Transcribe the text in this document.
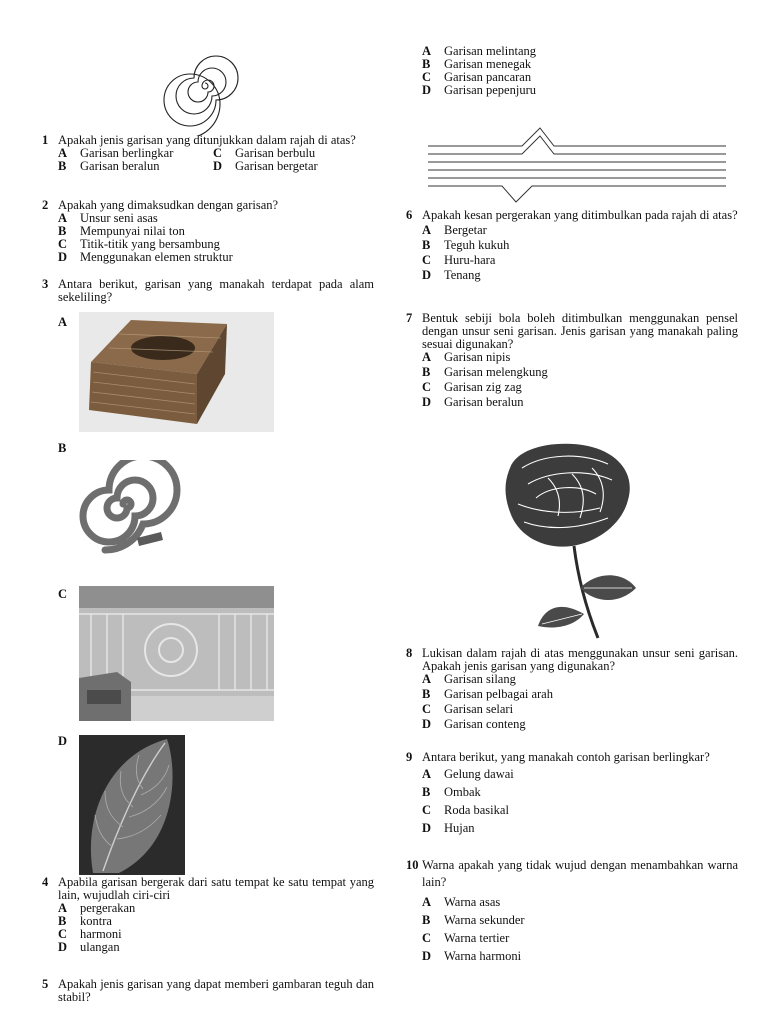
1 Apakah jenis garisan yang ditunjukkan dalam rajah di atas?
A Garisan berlingkar	C Garisan berbulu
B Garisan beralun	D Garisan bergetar
2 Apakah yang dimaksudkan dengan garisan?
A Unsur seni asas
B Mempunyai nilai ton
C Titik-titik yang bersambung
D Menggunakan elemen struktur
3 Antara berikut, garisan yang manakah terdapat pada alam sekeliling?
A
B
C
D
4 Apabila garisan bergerak dari satu tempat ke satu tempat yang lain, wujudlah ciri-ciri
A pergerakan
B kontra
C harmoni
D ulangan
5 Apakah jenis garisan yang dapat memberi gambaran teguh dan stabil?
A Garisan melintang
B Garisan menegak
C Garisan pancaran
D Garisan pepenjuru
6 Apakah kesan pergerakan yang ditimbulkan pada rajah di atas?
A Bergetar
B Teguh kukuh
C Huru-hara
D Tenang
7 Bentuk sebiji bola boleh ditimbulkan menggunakan pensel dengan unsur seni garisan. Jenis garisan yang manakah paling sesuai digunakan?
A Garisan nipis
B Garisan melengkung
C Garisan zig zag
D Garisan beralun
8 Lukisan dalam rajah di atas menggunakan unsur seni garisan. Apakah jenis garisan yang digunakan?
A Garisan silang
B Garisan pelbagai arah
C Garisan selari
D Garisan conteng
9 Antara berikut, yang manakah contoh garisan berlingkar?
A Gelung dawai
B Ombak
C Roda basikal
D Hujan
10 Warna apakah yang tidak wujud dengan menambahkan warna lain?
A Warna asas
B Warna sekunder
C Warna tertier
D Warna harmoni
